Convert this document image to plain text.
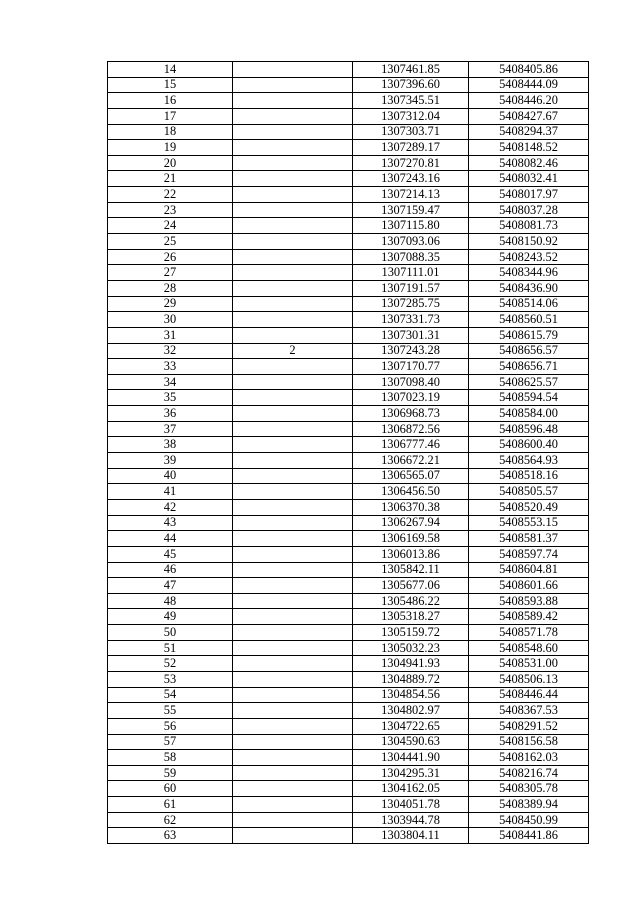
14		1307461.85	5408405.86
15		1307396.60	5408444.09
16		1307345.51	5408446.20
17		1307312.04	5408427.67
18		1307303.71	5408294.37
19		1307289.17	5408148.52
20		1307270.81	5408082.46
21		1307243.16	5408032.41
22		1307214.13	5408017.97
23		1307159.47	5408037.28
24		1307115.80	5408081.73
25		1307093.06	5408150.92
26		1307088.35	5408243.52
27		1307111.01	5408344.96
28		1307191.57	5408436.90
29		1307285.75	5408514.06
30		1307331.73	5408560.51
31		1307301.31	5408615.79
32	2	1307243.28	5408656.57
33		1307170.77	5408656.71
34		1307098.40	5408625.57
35		1307023.19	5408594.54
36		1306968.73	5408584.00
37		1306872.56	5408596.48
38		1306777.46	5408600.40
39		1306672.21	5408564.93
40		1306565.07	5408518.16
41		1306456.50	5408505.57
42		1306370.38	5408520.49
43		1306267.94	5408553.15
44		1306169.58	5408581.37
45		1306013.86	5408597.74
46		1305842.11	5408604.81
47		1305677.06	5408601.66
48		1305486.22	5408593.88
49		1305318.27	5408589.42
50		1305159.72	5408571.78
51		1305032.23	5408548.60
52		1304941.93	5408531.00
53		1304889.72	5408506.13
54		1304854.56	5408446.44
55		1304802.97	5408367.53
56		1304722.65	5408291.52
57		1304590.63	5408156.58
58		1304441.90	5408162.03
59		1304295.31	5408216.74
60		1304162.05	5408305.78
61		1304051.78	5408389.94
62		1303944.78	5408450.99
63		1303804.11	5408441.86
